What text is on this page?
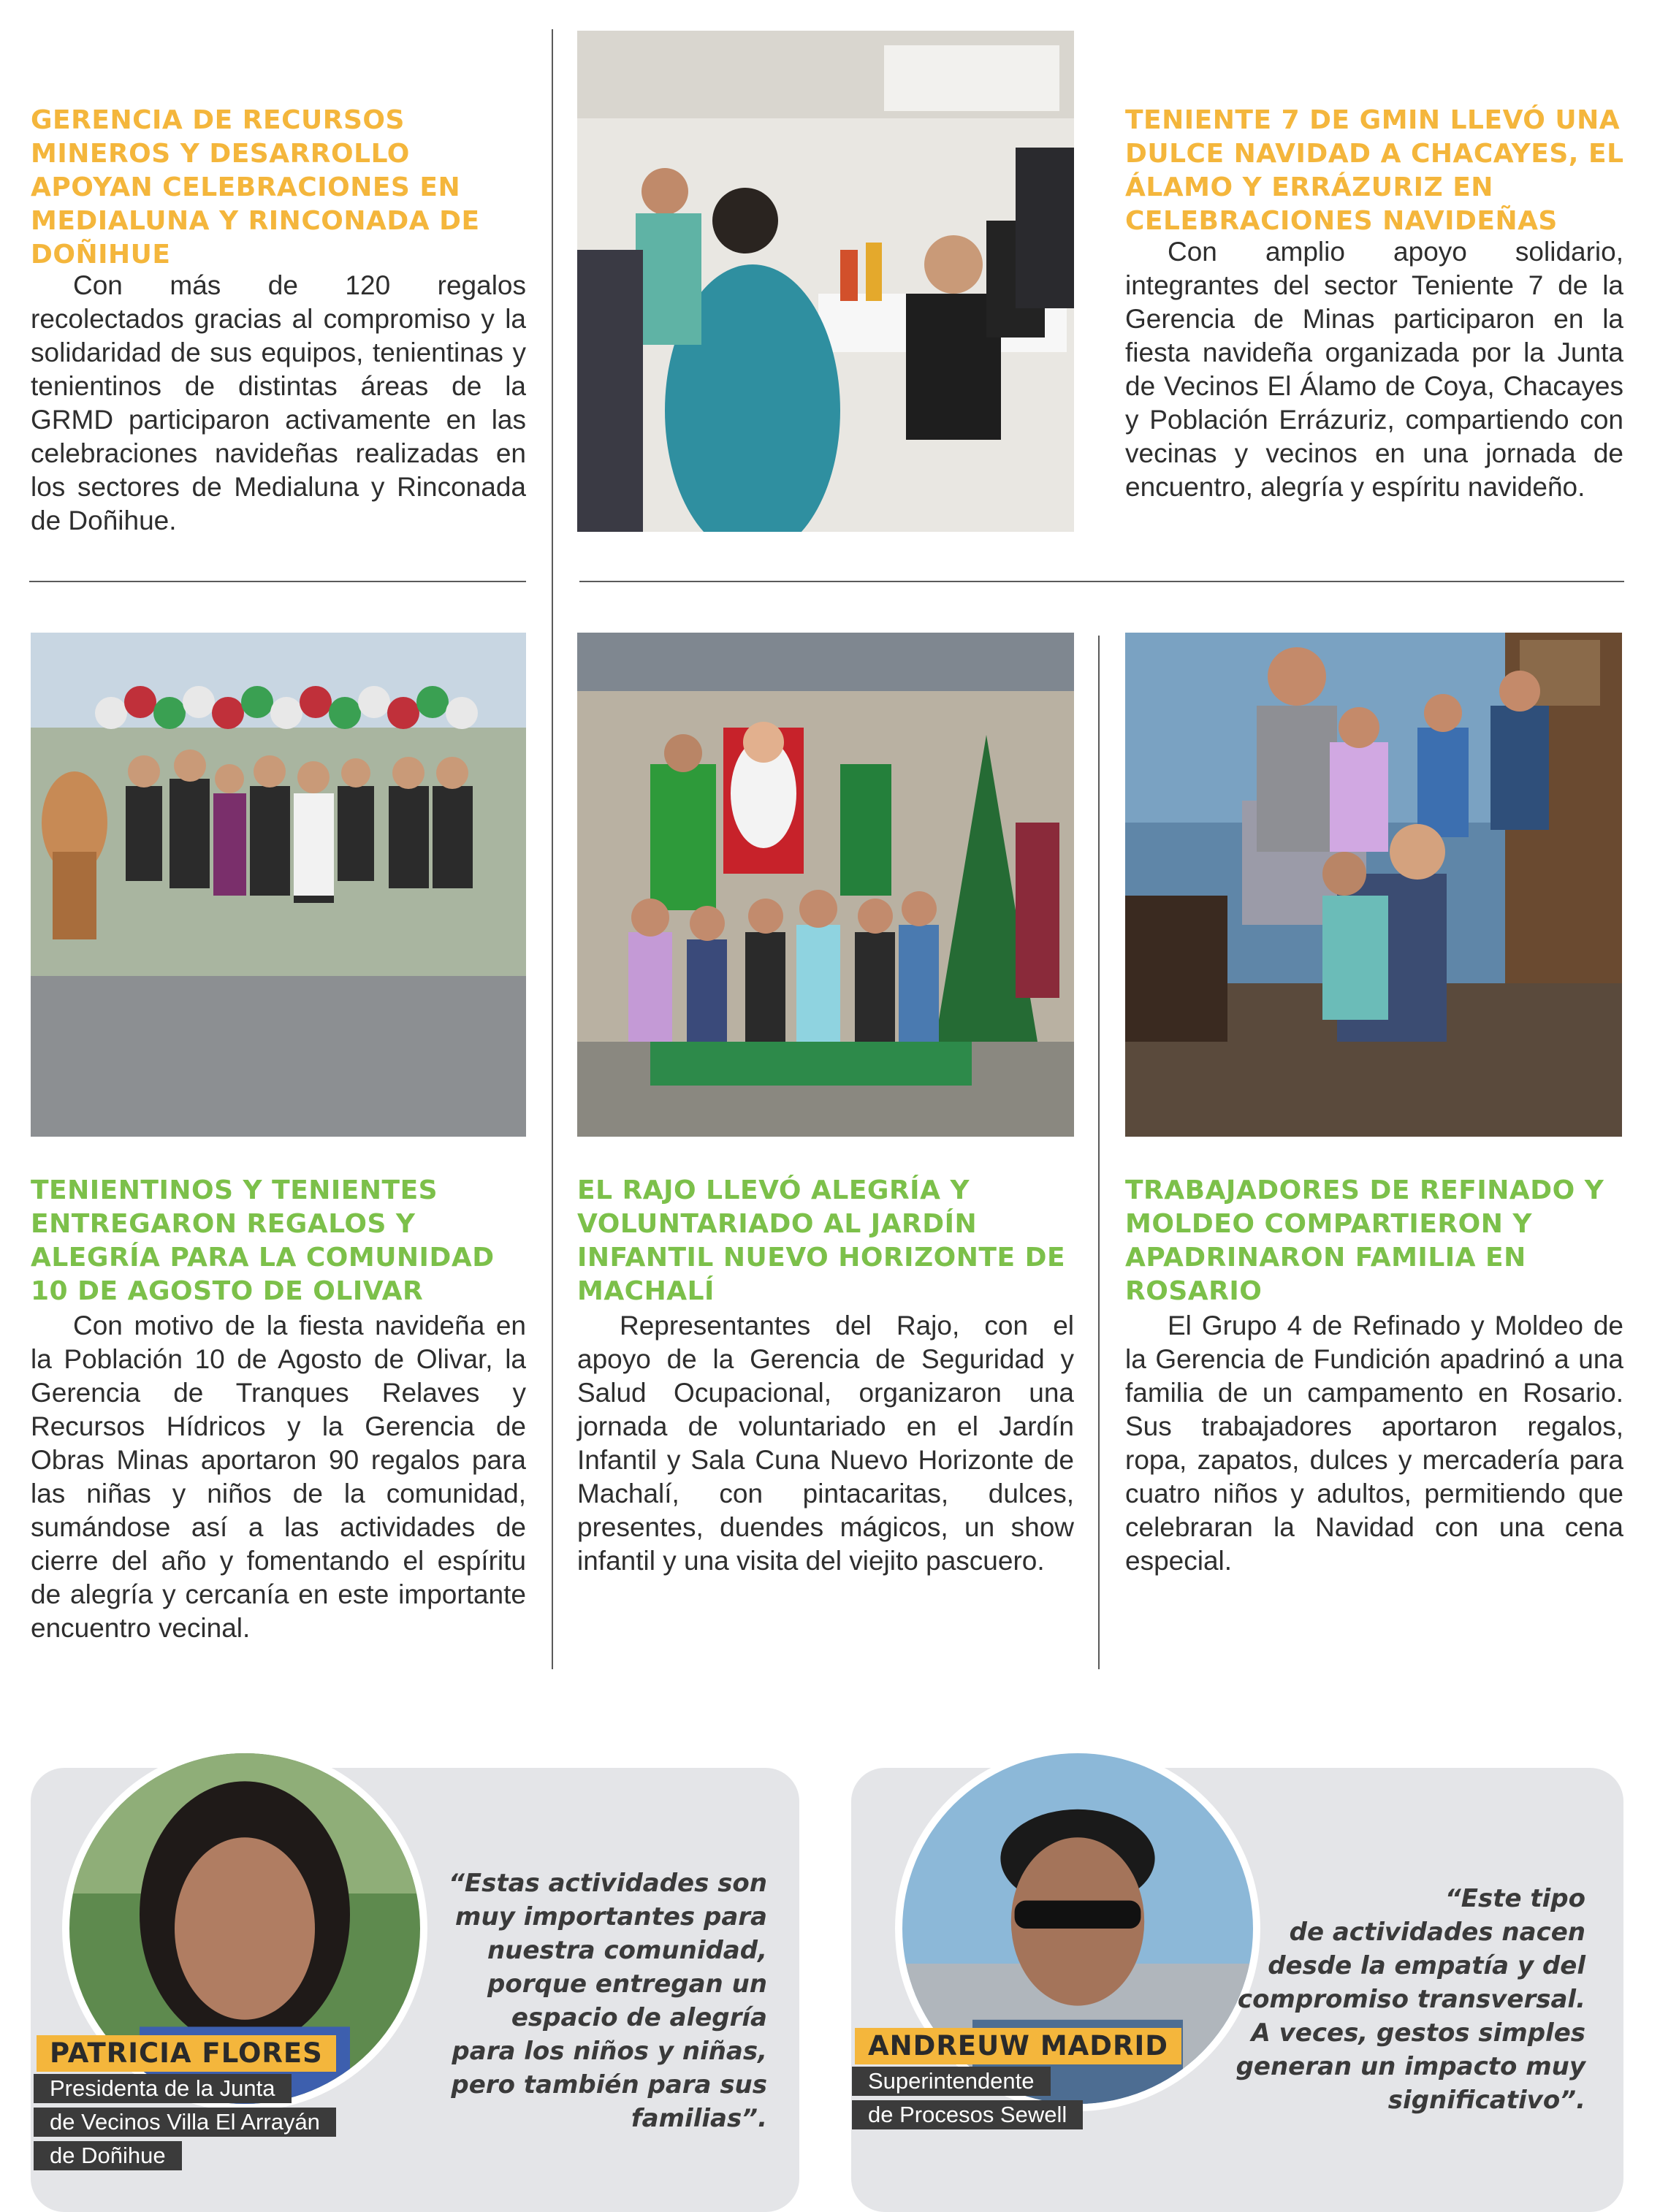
GERENCIA DE RECURSOS MINEROS Y DESARROLLO APOYAN CELEBRACIONES EN MEDIALUNA Y RINCONADA DE DOÑIHUE

Con más de 120 regalos recolectados gracias al compromiso y la solidaridad de sus equipos, tenientinas y tenientinos de distintas áreas de la GRMD participaron activamente en las celebraciones navideñas realizadas en los sectores de Medialuna y Rinconada de Doñihue.

TENIENTE 7 DE GMIN LLEVÓ UNA DULCE NAVIDAD A CHACAYES, EL ÁLAMO Y ERRÁZURIZ EN CELEBRACIONES NAVIDEÑAS

Con amplio apoyo solidario, integrantes del sector Teniente 7 de la Gerencia de Minas participaron en la fiesta navideña organizada por la Junta de Vecinos El Álamo de Coya, Chacayes y Población Errázuriz, compartiendo con vecinas y vecinos en una jornada de encuentro, alegría y espíritu navideño.

TENIENTINOS Y TENIENTES ENTREGARON REGALOS Y ALEGRÍA PARA LA COMUNIDAD 10 DE AGOSTO DE OLIVAR

Con motivo de la fiesta navideña en la Población 10 de Agosto de Olivar, la Gerencia de Tranques Relaves y Recursos Hídricos y la Gerencia de Obras Minas aportaron 90 regalos para las niñas y niños de la comunidad, sumándose así a las actividades de cierre del año y fomentando el espíritu de alegría y cercanía en este importante encuentro vecinal.

EL RAJO LLEVÓ ALEGRÍA Y VOLUNTARIADO AL JARDÍN INFANTIL NUEVO HORIZONTE DE MACHALÍ

Representantes del Rajo, con el apoyo de la Gerencia de Seguridad y Salud Ocupacional, organizaron una jornada de voluntariado en el Jardín Infantil y Sala Cuna Nuevo Horizonte de Machalí, con pintacaritas, dulces, presentes, duendes mágicos, un show infantil y una visita del viejito pascuero.

TRABAJADORES DE REFINADO Y MOLDEO COMPARTIERON Y APADRINARON FAMILIA EN ROSARIO

El Grupo 4 de Refinado y Moldeo de la Gerencia de Fundición apadrinó a una familia de un campamento en Rosario. Sus trabajadores aportaron regalos, ropa, zapatos, dulces y mercadería para cuatro niños y adultos, permitiendo que celebraran la Navidad con una cena especial.

PATRICIA FLORES
Presidenta de la Junta
de Vecinos Villa El Arrayán
de Doñihue
“Estas actividades son
muy importantes para
nuestra comunidad,
porque entregan un
espacio de alegría
para los niños y niñas,
pero también para sus
familias”.
ANDREUW MADRID
Superintendente
de Procesos Sewell
“Este tipo
de actividades nacen
desde la empatía y del
compromiso transversal.
A veces, gestos simples
generan un impacto muy
significativo”.
